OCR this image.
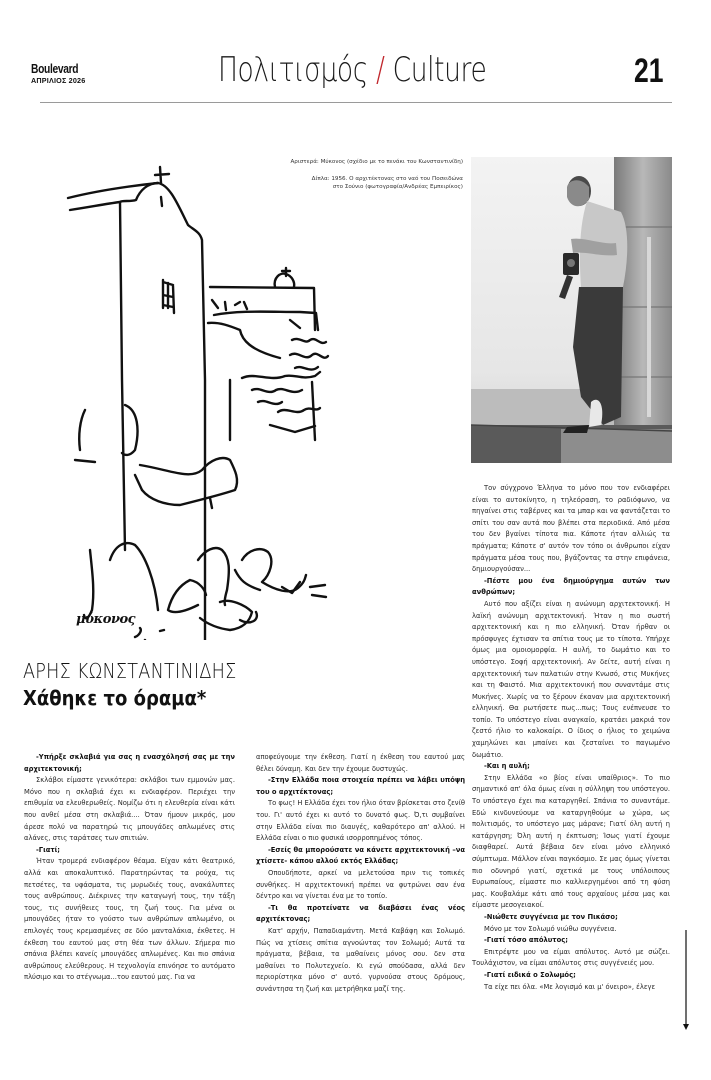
Boulevard
ΑΠΡΙΛΙΟΣ 2026	Πολιτισμός / Culture	21
μύκονος
Αριστερά: Μύκονος (σχέδιο με το πενάκι του Κωνσταντινίδη)
Δίπλα: 1956. Ο αρχιτέκτονας στο ναό του Ποσειδώνα
στο Σούνιο (φωτογραφία/Ανδρέας Εμπειρίκος)
ΑΡΗΣ ΚΩΝΣΤΑΝΤΙΝΙΔΗΣ
Χάθηκε το όραμα*

-Υπήρξε σκλαβιά για σας η ενασχόλησή σας με την αρχιτεκτονική;

Σκλάβοι είμαστε γενικότερα: σκλάβοι των εμμονών μας. Μόνο που η σκλαβιά έχει κι ενδιαφέρον. Περιέχει την επιθυμία να ελευθερωθείς. Νομίζω ότι η ελευθερία είναι κάτι που ανθεί μέσα στη σκλαβιά.... Όταν ήμουν μικρός, μου άρεσε πολύ να παρατηρώ τις μπουγάδες απλωμένες στις αλάνες, στις ταράτσες των σπιτιών.

-Γιατί;

Ήταν τρομερά ενδιαφέρον θέαμα. Είχαν κάτι θεατρικό, αλλά και αποκαλυπτικό. Παρατηρώντας τα ρούχα, τις πετσέτες, τα υφάσματα, τις μυρωδιές τους, ανακάλυπτες τους ανθρώπους. Διέκρινες την καταγωγή τους, την τάξη τους, τις συνήθειες τους, τη ζωή τους. Για μένα οι μπουγάδες ήταν το γούστο των ανθρώπων απλωμένο, οι επιλογές τους κρεμασμένες σε δύο μανταλάκια, έκθετες. Η έκθεση του εαυτού μας στη θέα των άλλων. Σήμερα πιο σπάνια βλέπει κανείς μπουγάδες απλωμένες. Και πιο σπάνια ανθρώπους ελεύθερους. Η τεχνολογία επινόησε το αυτόματο πλύσιμο και το στέγνωμα...του εαυτού μας. Για να

αποφεύγουμε την έκθεση. Γιατί η έκθεση του εαυτού μας θέλει δύναμη. Και δεν την έχουμε δυστυχώς.

-Στην Ελλάδα ποια στοιχεία πρέπει να λάβει υπόψη του ο αρχιτέκτονας;

Το φως! Η Ελλάδα έχει τον ήλιο όταν βρίσκεται στο ζενίθ του. Γι' αυτό έχει κι αυτό το δυνατό φως. Ό,τι συμβαίνει στην Ελλάδα είναι πιο διαυγές, καθαρότερο απ' αλλού. Η Ελλάδα είναι ο πιο φυσικά ισορροπημένος τόπος.

-Εσείς θα μπορούσατε να κάνετε αρχιτεκτονική –να χτίσετε- κάπου αλλού εκτός Ελλάδας;

Οπουδήποτε, αρκεί να μελετούσα πριν τις τοπικές συνθήκες. Η αρχιτεκτονική πρέπει να φυτρώνει σαν ένα δέντρο και να γίνεται ένα με το τοπίο.

-Τι θα προτείνατε να διαβάσει ένας νέος αρχιτέκτονας;

Κατ' αρχήν, Παπαδιαμάντη. Μετά Καβάφη και Σολωμό. Πώς να χτίσεις σπίτια αγνοώντας τον Σολωμό; Αυτά τα πράγματα, βέβαια, τα μαθαίνεις μόνος σου. δεν στα μαθαίνει το Πολυτεχνείο. Κι εγώ σπούδασα, αλλά δεν περιορίστηκα μόνο σ' αυτό. γυρνούσα στους δρόμους, συνάντησα τη ζωή και μετρήθηκα μαζί της.

Τον σύγχρονο Έλληνα το μόνο που τον ενδιαφέρει είναι το αυτοκίνητο, η τηλεόραση, το ραδιόφωνο, να πηγαίνει στις ταβέρνες και τα μπαρ και να φαντάζεται το σπίτι του σαν αυτά που βλέπει στα περιοδικά. Από μέσα του δεν βγαίνει τίποτα πια. Κάποτε ήταν αλλιώς τα πράγματα; Κάποτε σ' αυτόν τον τόπο οι άνθρωποι είχαν πράγματα μέσα τους που, βγάζοντας τα στην επιφάνεια, δημιουργούσαν...

-Πέστε μου ένα δημιούργημα αυτών των ανθρώπων;

Αυτό που αξίζει είναι η ανώνυμη αρχιτεκτονική. Η λαϊκή ανώνυμη αρχιτεκτονική. Ήταν η πιο σωστή αρχιτεκτονική και η πιο ελληνική. Όταν ήρθαν οι πρόσφυγες έχτισαν τα σπίτια τους με το τίποτα. Υπήρχε όμως μια ομοιομορφία. Η αυλή, το δωμάτιο και το υπόστεγο. Σοφή αρχιτεκτονική. Αν δείτε, αυτή είναι η αρχιτεκτονική των παλατιών στην Κνωσό, στις Μυκήνες και τη Φαιστό. Μια αρχιτεκτονική που συναντάμε στις Μυκήνες. Χωρίς να το ξέρουν έκαναν μια αρχιτεκτονική ελληνική. Θα ρωτήσετε πως...πως; Τους ενέπνευσε το τοπίο. Το υπόστεγο είναι αναγκαίο, κρατάει μακριά τον ζεστό ήλιο το καλοκαίρι. Ο ίδιος ο ήλιος το χειμώνα χαμηλώνει και μπαίνει και ζεσταίνει το παγωμένο δωμάτιο.

-Και η αυλή;

Στην Ελλάδα «ο βίος είναι υπαίθριος». Το πιο σημαντικό απ' όλα όμως είναι η σύλληψη του υπόστεγου. Το υπόστεγο έχει πια καταργηθεί. Σπάνια το συναντάμε. Εδώ κινδυνεύουμε να καταργηθούμε ω χώρα, ως πολιτισμός, το υπόστεγο μας μάρανε; Γιατί όλη αυτή η κατάργηση; Όλη αυτή η έκπτωση; Ίσως γιατί έχουμε διαφθαρεί. Αυτά βέβαια δεν είναι μόνο ελληνικό σύμπτωμα. Μάλλον είναι παγκόσμιο. Σε μας όμως γίνεται πιο οδυνηρό γιατί, σχετικά με τους υπόλοιπους Ευρωπαίους, είμαστε πιο καλλιεργημένοι από τη φύση μας. Κουβαλάμε κάτι από τους αρχαίους μέσα μας και είμαστε μεσογειακοί.

-Νιώθετε συγγένεια με τον Πικάσο;

Μόνο με τον Σολωμό νιώθω συγγένεια.

-Γιατί τόσο απόλυτος;

Επιτρέψτε μου να είμαι απόλυτος. Αυτό με σώζει. Τουλάχιστον, να είμαι απόλυτος στις συγγένειές μου.

-Γιατί ειδικά ο Σολωμός;

Τα είχε πει όλα. «Με λογισμό και μ' όνειρο», έλεγε
